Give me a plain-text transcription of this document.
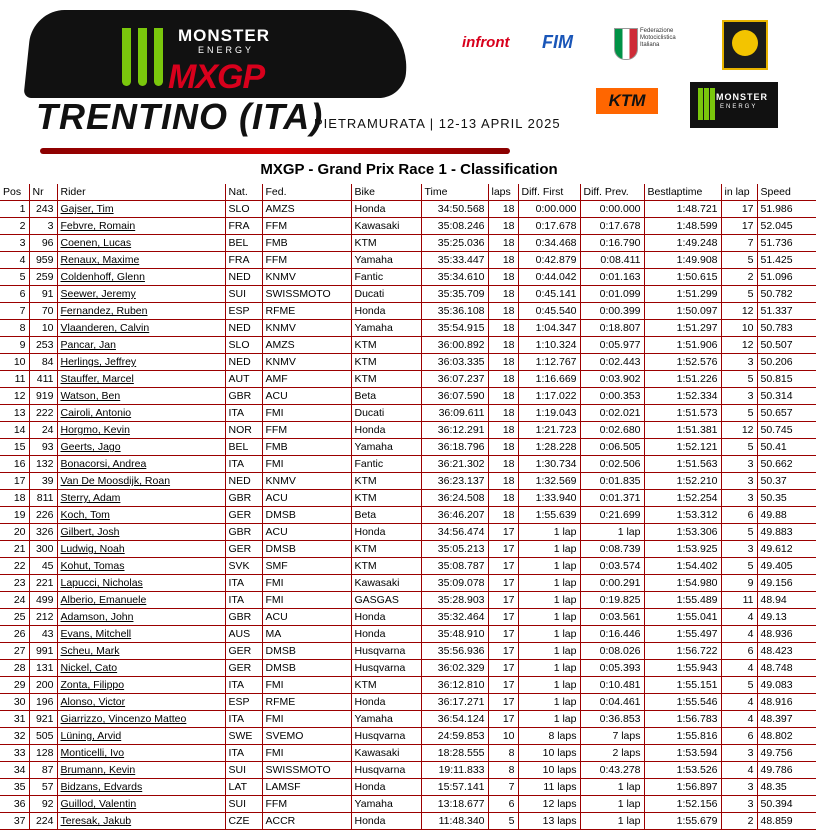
MONSTER
ENERGY
MXGP
TRENTINO (ITA)
PIETRAMURATA | 12-13 APRIL 2025
infront FIM
Federazione Motociclistica Italiana
KTM	MONSTER
ENERGY
MXGP - Grand Prix Race 1 - Classification
Pos	Nr	Rider	Nat.	Fed.	Bike	Time	laps	Diff. First	Diff. Prev.	Bestlaptime	in lap	Speed
1	243	Gajser, Tim	SLO	AMZS	Honda	34:50.568	18	0:00.000	0:00.000	1:48.721	17	51.986
2	3	Febvre, Romain	FRA	FFM	Kawasaki	35:08.246	18	0:17.678	0:17.678	1:48.599	17	52.045
3	96	Coenen, Lucas	BEL	FMB	KTM	35:25.036	18	0:34.468	0:16.790	1:49.248	7	51.736
4	959	Renaux, Maxime	FRA	FFM	Yamaha	35:33.447	18	0:42.879	0:08.411	1:49.908	5	51.425
5	259	Coldenhoff, Glenn	NED	KNMV	Fantic	35:34.610	18	0:44.042	0:01.163	1:50.615	2	51.096
6	91	Seewer, Jeremy	SUI	SWISSMOTO	Ducati	35:35.709	18	0:45.141	0:01.099	1:51.299	5	50.782
7	70	Fernandez, Ruben	ESP	RFME	Honda	35:36.108	18	0:45.540	0:00.399	1:50.097	12	51.337
8	10	Vlaanderen, Calvin	NED	KNMV	Yamaha	35:54.915	18	1:04.347	0:18.807	1:51.297	10	50.783
9	253	Pancar, Jan	SLO	AMZS	KTM	36:00.892	18	1:10.324	0:05.977	1:51.906	12	50.507
10	84	Herlings, Jeffrey	NED	KNMV	KTM	36:03.335	18	1:12.767	0:02.443	1:52.576	3	50.206
11	411	Stauffer, Marcel	AUT	AMF	KTM	36:07.237	18	1:16.669	0:03.902	1:51.226	5	50.815
12	919	Watson, Ben	GBR	ACU	Beta	36:07.590	18	1:17.022	0:00.353	1:52.334	3	50.314
13	222	Cairoli, Antonio	ITA	FMI	Ducati	36:09.611	18	1:19.043	0:02.021	1:51.573	5	50.657
14	24	Horgmo, Kevin	NOR	FFM	Honda	36:12.291	18	1:21.723	0:02.680	1:51.381	12	50.745
15	93	Geerts, Jago	BEL	FMB	Yamaha	36:18.796	18	1:28.228	0:06.505	1:52.121	5	50.41
16	132	Bonacorsi, Andrea	ITA	FMI	Fantic	36:21.302	18	1:30.734	0:02.506	1:51.563	3	50.662
17	39	Van De Moosdijk, Roan	NED	KNMV	KTM	36:23.137	18	1:32.569	0:01.835	1:52.210	3	50.37
18	811	Sterry, Adam	GBR	ACU	KTM	36:24.508	18	1:33.940	0:01.371	1:52.254	3	50.35
19	226	Koch, Tom	GER	DMSB	Beta	36:46.207	18	1:55.639	0:21.699	1:53.312	6	49.88
20	326	Gilbert, Josh	GBR	ACU	Honda	34:56.474	17	1 lap	1 lap	1:53.306	5	49.883
21	300	Ludwig, Noah	GER	DMSB	KTM	35:05.213	17	1 lap	0:08.739	1:53.925	3	49.612
22	45	Kohut, Tomas	SVK	SMF	KTM	35:08.787	17	1 lap	0:03.574	1:54.402	5	49.405
23	221	Lapucci, Nicholas	ITA	FMI	Kawasaki	35:09.078	17	1 lap	0:00.291	1:54.980	9	49.156
24	499	Alberio, Emanuele	ITA	FMI	GASGAS	35:28.903	17	1 lap	0:19.825	1:55.489	11	48.94
25	212	Adamson, John	GBR	ACU	Honda	35:32.464	17	1 lap	0:03.561	1:55.041	4	49.13
26	43	Evans, Mitchell	AUS	MA	Honda	35:48.910	17	1 lap	0:16.446	1:55.497	4	48.936
27	991	Scheu, Mark	GER	DMSB	Husqvarna	35:56.936	17	1 lap	0:08.026	1:56.722	6	48.423
28	131	Nickel, Cato	GER	DMSB	Husqvarna	36:02.329	17	1 lap	0:05.393	1:55.943	4	48.748
29	200	Zonta, Filippo	ITA	FMI	KTM	36:12.810	17	1 lap	0:10.481	1:55.151	5	49.083
30	196	Alonso, Victor	ESP	RFME	Honda	36:17.271	17	1 lap	0:04.461	1:55.546	4	48.916
31	921	Giarrizzo, Vincenzo Matteo	ITA	FMI	Yamaha	36:54.124	17	1 lap	0:36.853	1:56.783	4	48.397
32	505	Lüning, Arvid	SWE	SVEMO	Husqvarna	24:59.853	10	8 laps	7 laps	1:55.816	6	48.802
33	128	Monticelli, Ivo	ITA	FMI	Kawasaki	18:28.555	8	10 laps	2 laps	1:53.594	3	49.756
34	87	Brumann, Kevin	SUI	SWISSMOTO	Husqvarna	19:11.833	8	10 laps	0:43.278	1:53.526	4	49.786
35	57	Bidzans, Edvards	LAT	LAMSF	Honda	15:57.141	7	11 laps	1 lap	1:56.897	3	48.35
36	92	Guillod, Valentin	SUI	FFM	Yamaha	13:18.677	6	12 laps	1 lap	1:52.156	3	50.394
37	224	Teresak, Jakub	CZE	ACCR	Honda	11:48.340	5	13 laps	1 lap	1:55.679	2	48.859
